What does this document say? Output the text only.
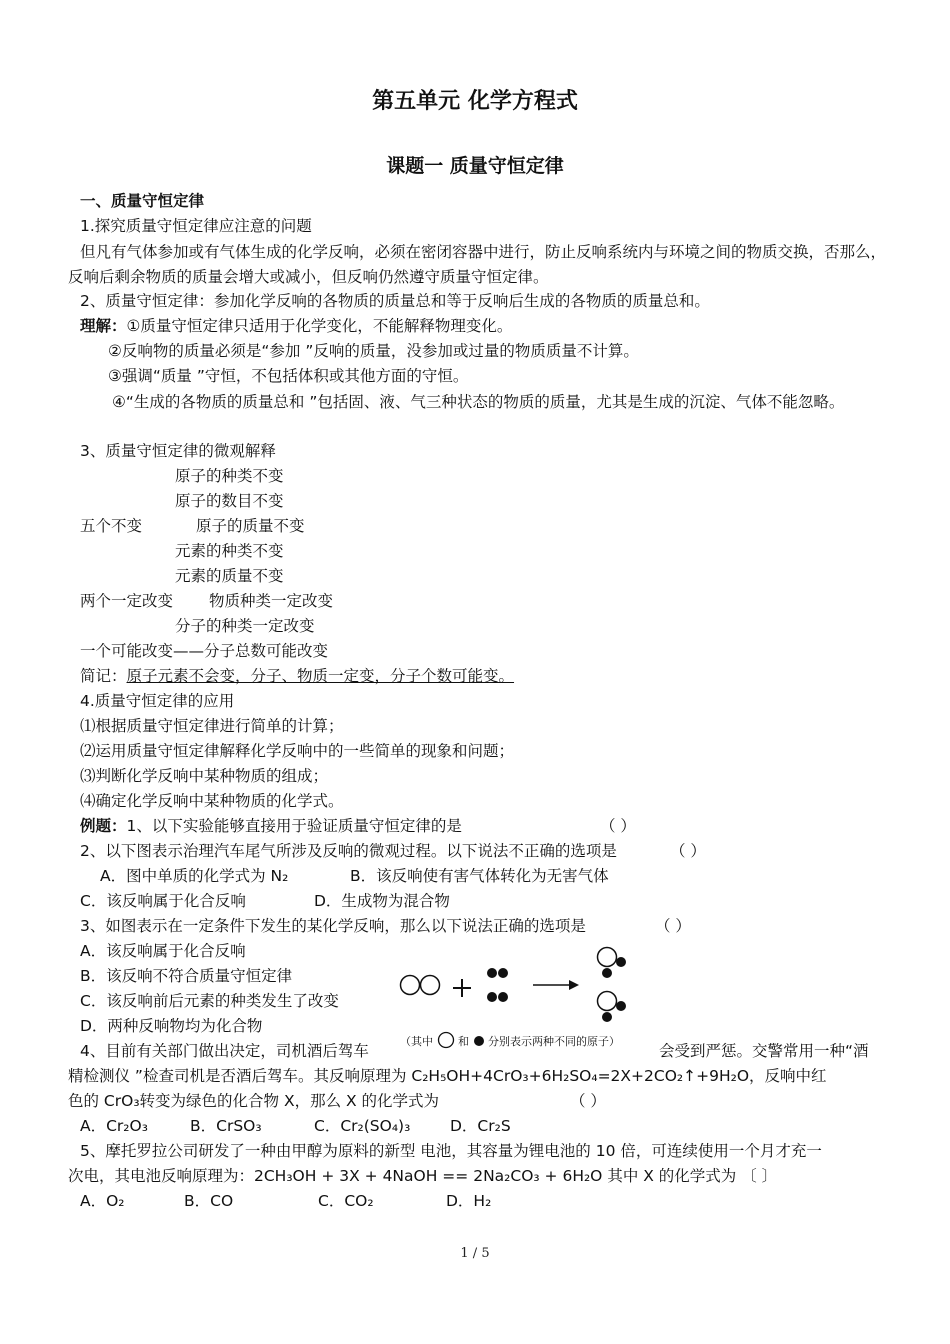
第五单元 化学方程式
课题一 质量守恒定律
一、质量守恒定律
1.探究质量守恒定律应注意的问题
但凡有气体参加或有气体生成的化学反响，必须在密闭容器中进行，防止反响系统内与环境之间的物质交换，否那么，反响后剩余物质的质量会增大或减小，但反响仍然遵守质量守恒定律。
2、质量守恒定律：参加化学反响的各物质的质量总和等于反响后生成的各物质的质量总和。
理解：①质量守恒定律只适用于化学变化，不能解释物理变化。
②反响物的质量必须是“参加 ”反响的质量，没参加或过量的物质质量不计算。
③强调“质量 ”守恒，不包括体积或其他方面的守恒。
④“生成的各物质的质量总和 ”包括固、液、气三种状态的物质的质量，尤其是生成的沉淀、气体不能忽略。
3、质量守恒定律的微观解释
原子的种类不变
原子的数目不变
五个不变	原子的质量不变
元素的种类不变
元素的质量不变
两个一定改变 物质种类一定改变
分子的种类一定改变
一个可能改变——分子总数可能改变
简记：原子元素不会变，分子、物质一定变，分子个数可能变。
4.质量守恒定律的应用
⑴根据质量守恒定律进行简单的计算；
⑵运用质量守恒定律解释化学反响中的一些简单的现象和问题；
⑶判断化学反响中某种物质的组成；
⑷确定化学反响中某种物质的化学式。
例题：1、以下实验能够直接用于验证质量守恒定律的是	（ ）
2、以下图表示治理汽车尾气所涉及反响的微观过程。以下说法不正确的选项是	（ ）
A．图中单质的化学式为 N₂	B．该反响使有害气体转化为无害气体
C．该反响属于化合反响	D．生成物为混合物
3、如图表示在一定条件下发生的某化学反响，那么以下说法正确的选项是	（ ）
A．该反响属于化合反响
B．该反响不符合质量守恒定律
C．该反响前后元素的种类发生了改变
D．两种反响物均为化合物
4、目前有关部门做出决定，司机酒后驾车
（其中 和 分别表示两种不同的原子）
会受到严惩。交警常用一种“酒
精检测仪 ”检查司机是否酒后驾车。其反响原理为 C₂H₅OH+4CrO₃+6H₂SO₄=2X+2CO₂↑+9H₂O，反响中红
色的 CrO₃转变为绿色的化合物 X，那么 X 的化学式为	（ ）
A．Cr₂O₃	B．CrSO₃	C．Cr₂(SO₄)₃	D．Cr₂S
5、摩托罗拉公司研发了一种由甲醇为原料的新型 电池，其容量为锂电池的 10 倍，可连续使用一个月才充一
次电，其电池反响原理为：2CH₃OH + 3X + 4NaOH == 2Na₂CO₃ + 6H₂O 其中 X 的化学式为 〔 〕
A．O₂	B．CO	C．CO₂	D．H₂
1 / 5
